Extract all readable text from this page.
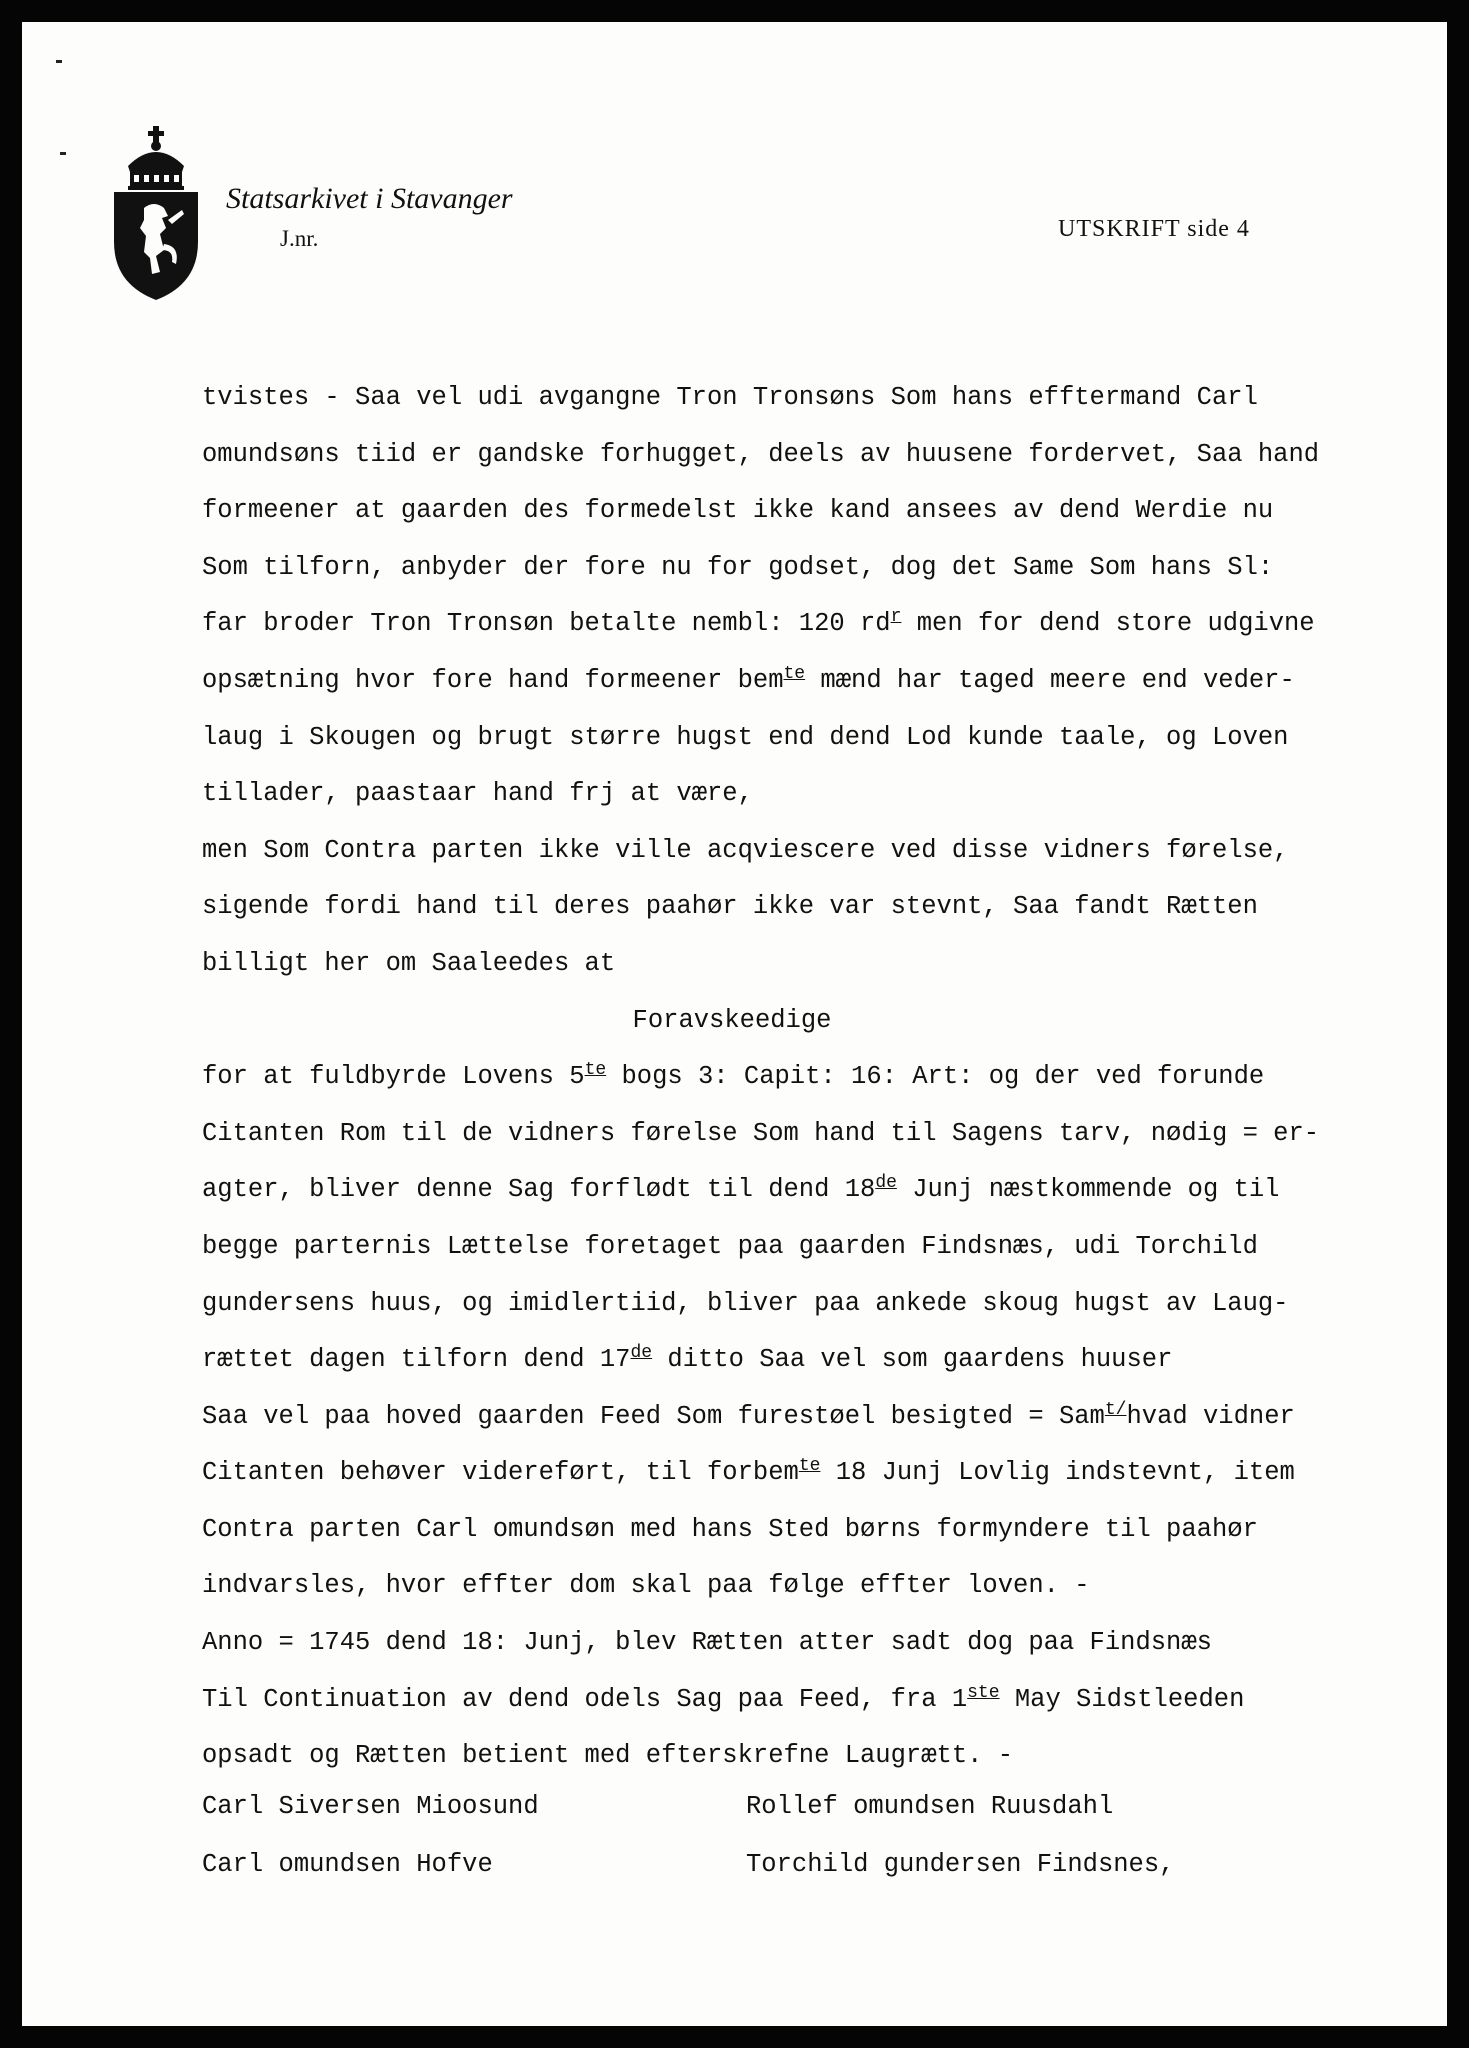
Statsarkivet i Stavanger
J.nr.	UTSKRIFT side 4
tvistes - Saa vel udi avgangne Tron Tronsøns Som hans efftermand Carl
omundsøns tiid er gandske forhugget, deels av huusene fordervet, Saa hand
formeener at gaarden des formedelst ikke kand ansees av dend Werdie nu
Som tilforn, anbyder der fore nu for godset, dog det Same Som hans Sl:
far broder Tron Tronsøn betalte nembl: 120 $rd^r$ men for dend store udgivne
opsætning hvor fore hand formeener bem$^{te}$ mænd har taged meere end veder-
laug i Skougen og brugt større hugst end dend Lod kunde taale, og Loven
tillader, paastaar hand frj at være,
men Som Contra parten ikke ville acqviescere ved disse vidners førelse,
sigende fordi hand til deres paahør ikke var stevnt, Saa fandt Rætten
billigt her om Saaleedes at
Foravskeedige
for at fuldbyrde Lovens $5^{te}$ bogs 3: Capit: 16: Art: og der ved forunde
Citanten Rom til de vidners førelse Som hand til Sagens tarv, nødig = er-
agter, bliver denne Sag forflødt til dend 18de Junj næstkommende og til
begge parternis Lættelse foretaget paa gaarden Findsnæs, udi Torchild
gundersens huus, og imidlertiid, bliver paa ankede skoug hugst av Laug-
rættet dagen tilforn dend 17de ditto Saa vel som gaardens huuser
Saa vel paa hoved gaarden Feed Som furestøel besigted = Sam$^{t/}$hvad vidner
Citanten behøver videreført, til forbem$^{te}$ 18 Junj Lovlig indstevnt, item
Contra parten Carl omundsøn med hans Sted børns formyndere til paahør
indvarsles, hvor effter dom skal paa følge effter loven. -
Anno = 1745 dend 18: Junj, blev Rætten atter sadt dog paa Findsnæs
Til Continuation av dend odels Sag paa Feed, fra 1ste May Sidstleeden
opsadt og Rætten betient med efterskrefne Laugrætt. -
Carl Siversen Mioosund	Rollef omundsen Ruusdahl
Carl omundsen Hofve	Torchild gundersen Findsnes,
